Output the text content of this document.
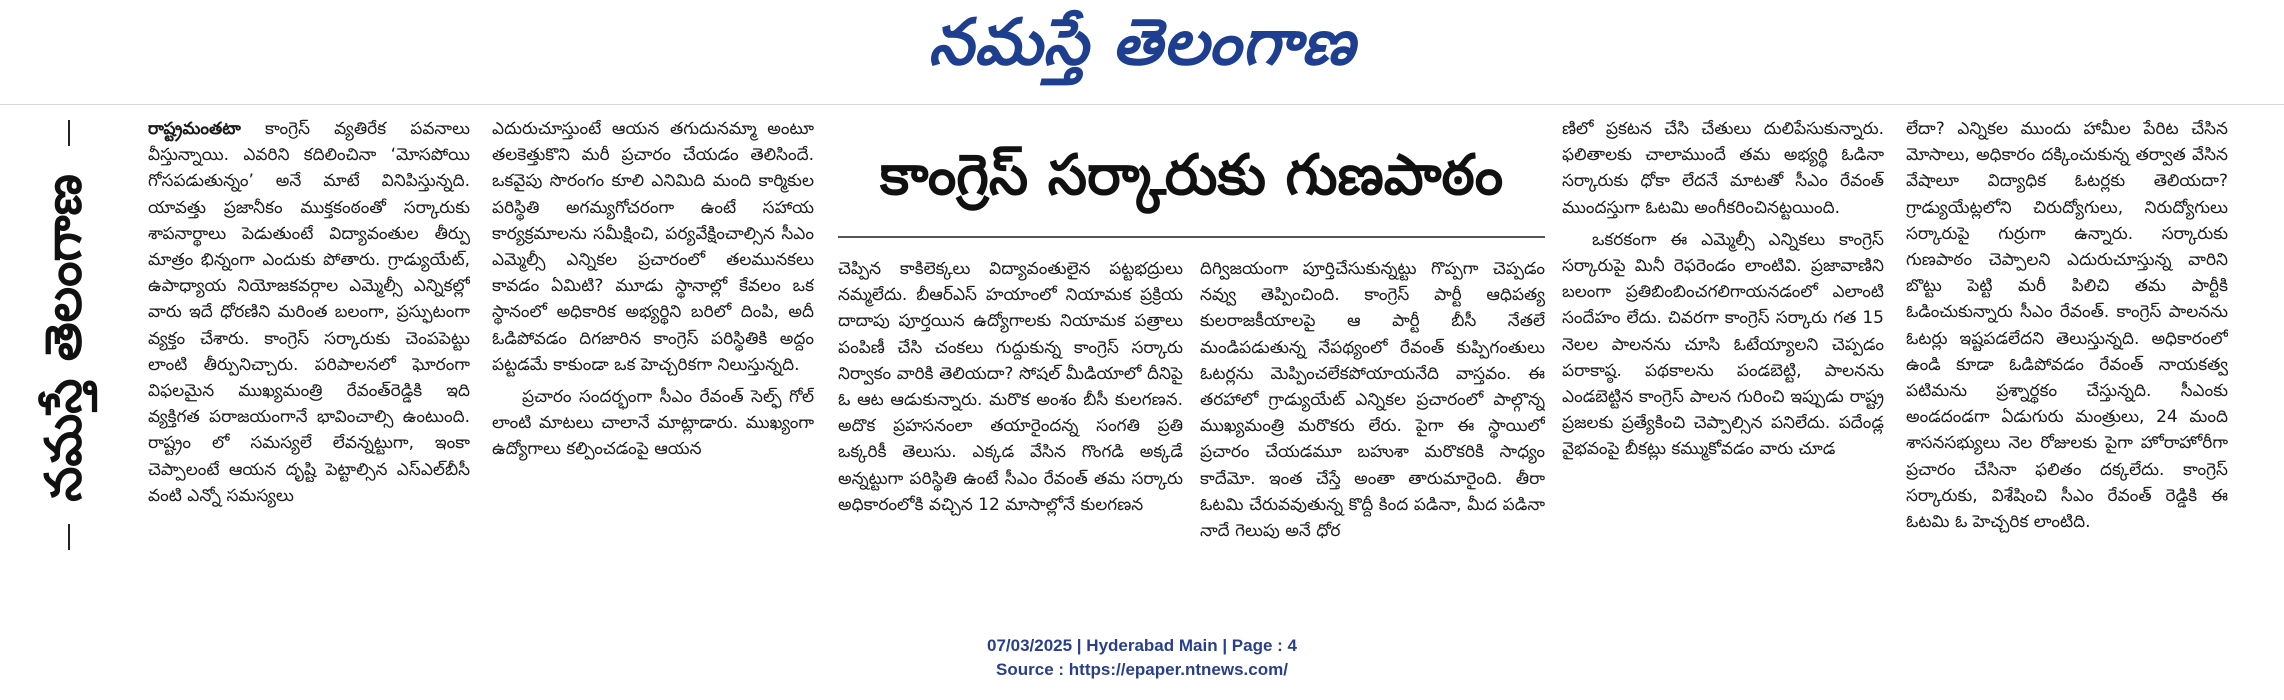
నమస్తే తెలంగాణ
నమస్తే తెలంగాణ

రాష్ట్రమంతటా కాంగ్రెస్ వ్యతిరేక పవనాలు వీస్తున్నాయి. ఎవరిని కదిలించినా ‘మోసపోయి గోసపడుతున్నం’ అనే మాటే వినిపిస్తున్నది. యావత్తు ప్రజానీకం ముక్తకంఠంతో సర్కారుకు శాపనార్థాలు పెడుతుంటే విద్యావంతుల తీర్పు మాత్రం భిన్నంగా ఎందుకు పోతారు. గ్రాడ్యుయేట్, ఉపాధ్యాయ నియోజకవర్గాల ఎమ్మెల్సీ ఎన్నికల్లో వారు ఇదే ధోరణిని మరింత బలంగా, ప్రస్ఫుటంగా వ్యక్తం చేశారు. కాంగ్రెస్ సర్కారుకు చెంపపెట్టు లాంటి తీర్పునిచ్చారు. పరిపాలనలో ఘోరంగా విఫలమైన ముఖ్యమంత్రి రేవంత్‌రెడ్డికి ఇది వ్యక్తిగత పరాజయంగానే భావించాల్సి ఉంటుంది. రాష్ట్రం లో సమస్యలే లేవన్నట్టుగా, ఇంకా చెప్పాలంటే ఆయన దృష్టి పెట్టాల్సిన ఎస్‌ఎల్‌బీసీ వంటి ఎన్నో సమస్యలు

ఎదురుచూస్తుంటే ఆయన తగుదునమ్మా అంటూ తలకెత్తుకొని మరీ ప్రచారం చేయడం తెలిసిందే. ఒకవైపు సొరంగం కూలి ఎనిమిది మంది కార్మికుల పరిస్థితి అగమ్యగోచరంగా ఉంటే సహాయ కార్యక్రమాలను సమీక్షించి, పర్యవేక్షించాల్సిన సీఎం ఎమ్మెల్సీ ఎన్నికల ప్రచారంలో తలమునకలు కావడం ఏమిటి? మూడు స్థానాల్లో కేవలం ఒక స్థానంలో అధికారిక అభ్యర్థిని బరిలో దింపి, అదీ ఓడిపోవడం దిగజారిన కాంగ్రెస్ పరిస్థితికి అద్దం పట్టడమే కాకుండా ఒక హెచ్చరికగా నిలుస్తున్నది.

ప్రచారం సందర్భంగా సీఎం రేవంత్ సెల్ఫ్ గోల్ లాంటి మాటలు చాలానే మాట్లాడారు. ముఖ్యంగా ఉద్యోగాలు కల్పించడంపై ఆయన

కాంగ్రెస్ సర్కారుకు గుణపాఠం

చెప్పిన కాకిలెక్కలు విద్యావంతులైన పట్టభద్రులు నమ్మలేదు. బీఆర్‌ఎస్ హయాంలో నియామక ప్రక్రియ దాదాపు పూర్తయిన ఉద్యోగాలకు నియామక పత్రాలు పంపిణీ చేసి చంకలు గుద్దుకున్న కాంగ్రెస్ సర్కారు నిర్వాకం వారికి తెలియదా? సోషల్ మీడియాలో దీనిపై ఓ ఆట ఆడుకున్నారు. మరొక అంశం బీసీ కులగణన. అదొక ప్రహసనంలా తయారైందన్న సంగతి ప్రతి ఒక్కరికీ తెలుసు. ఎక్కడ వేసిన గొంగడి అక్కడే అన్నట్టుగా పరిస్థితి ఉంటే సీఎం రేవంత్ తమ సర్కారు అధికారంలోకి వచ్చిన 12 మాసాల్లోనే కులగణన

దిగ్విజయంగా పూర్తిచేసుకున్నట్టు గొప్పగా చెప్పడం నవ్వు తెప్పించింది. కాంగ్రెస్ పార్టీ ఆధిపత్య కులరాజకీయాలపై ఆ పార్టీ బీసీ నేతలే మండిపడుతున్న నేపథ్యంలో రేవంత్ కుప్పిగంతులు ఓటర్లను మెప్పించలేకపోయాయనేది వాస్తవం. ఈ తరహాలో గ్రాడ్యుయేట్ ఎన్నికల ప్రచారంలో పాల్గొన్న ముఖ్యమంత్రి మరొకరు లేరు. పైగా ఈ స్థాయిలో ప్రచారం చేయడమూ బహుశా మరొకరికి సాధ్యం కాదేమో. ఇంత చేస్తే అంతా తారుమారైంది. తీరా ఓటమి చేరువవుతున్న కొద్దీ కింద పడినా, మీద పడినా నాదే గెలుపు అనే ధోర

ణిలో ప్రకటన చేసి చేతులు దులిపేసుకున్నారు. ఫలితాలకు చాలాముందే తమ అభ్యర్థి ఓడినా సర్కారుకు ధోకా లేదనే మాటతో సీఎం రేవంత్ ముందస్తుగా ఓటమి అంగీకరించినట్టయింది.

ఒకరకంగా ఈ ఎమ్మెల్సీ ఎన్నికలు కాంగ్రెస్ సర్కారుపై మినీ రెఫరెండం లాంటివి. ప్రజావాణిని బలంగా ప్రతిబింబించగలిగాయనడంలో ఎలాంటి సందేహం లేదు. చివరగా కాంగ్రెస్ సర్కారు గత 15 నెలల పాలనను చూసి ఓటేయ్యాలని చెప్పడం పరాకాష్ఠ. పథకాలను పండబెట్టి, పాలనను ఎండబెట్టిన కాంగ్రెస్ పాలన గురించి ఇప్పుడు రాష్ట్ర ప్రజలకు ప్రత్యేకించి చెప్పాల్సిన పనిలేదు. పదేండ్ల వైభవంపై బీకట్లు కమ్ముకోవడం వారు చూడ

లేదా? ఎన్నికల ముందు హామీల పేరిట చేసిన మోసాలు, అధికారం దక్కించుకున్న తర్వాత వేసిన వేషాలూ విద్యాధిక ఓటర్లకు తెలియదా? గ్రాడ్యుయేట్లలోని చిరుద్యోగులు, నిరుద్యోగులు సర్కారుపై గుర్రుగా ఉన్నారు. సర్కారుకు గుణపాఠం చెప్పాలని ఎదురుచూస్తున్న వారిని బొట్టు పెట్టి మరీ పిలిచి తమ పార్టీకి ఓడించుకున్నారు సీఎం రేవంత్. కాంగ్రెస్ పాలనను ఓటర్లు ఇష్టపడలేదని తెలుస్తున్నది. అధికారంలో ఉండి కూడా ఓడిపోవడం రేవంత్ నాయకత్వ పటిమను ప్రశ్నార్థకం చేస్తున్నది. సీఎంకు అండదండగా ఏడుగురు మంత్రులు, 24 మంది శాసనసభ్యులు నెల రోజులకు పైగా హోరాహోరీగా ప్రచారం చేసినా ఫలితం దక్కలేదు. కాంగ్రెస్ సర్కారుకు, విశేషించి సీఎం రేవంత్ రెడ్డికి ఈ ఓటమి ఓ హెచ్చరిక లాంటిది.

07/03/2025 | Hyderabad Main | Page : 4
Source : https://epaper.ntnews.com/
